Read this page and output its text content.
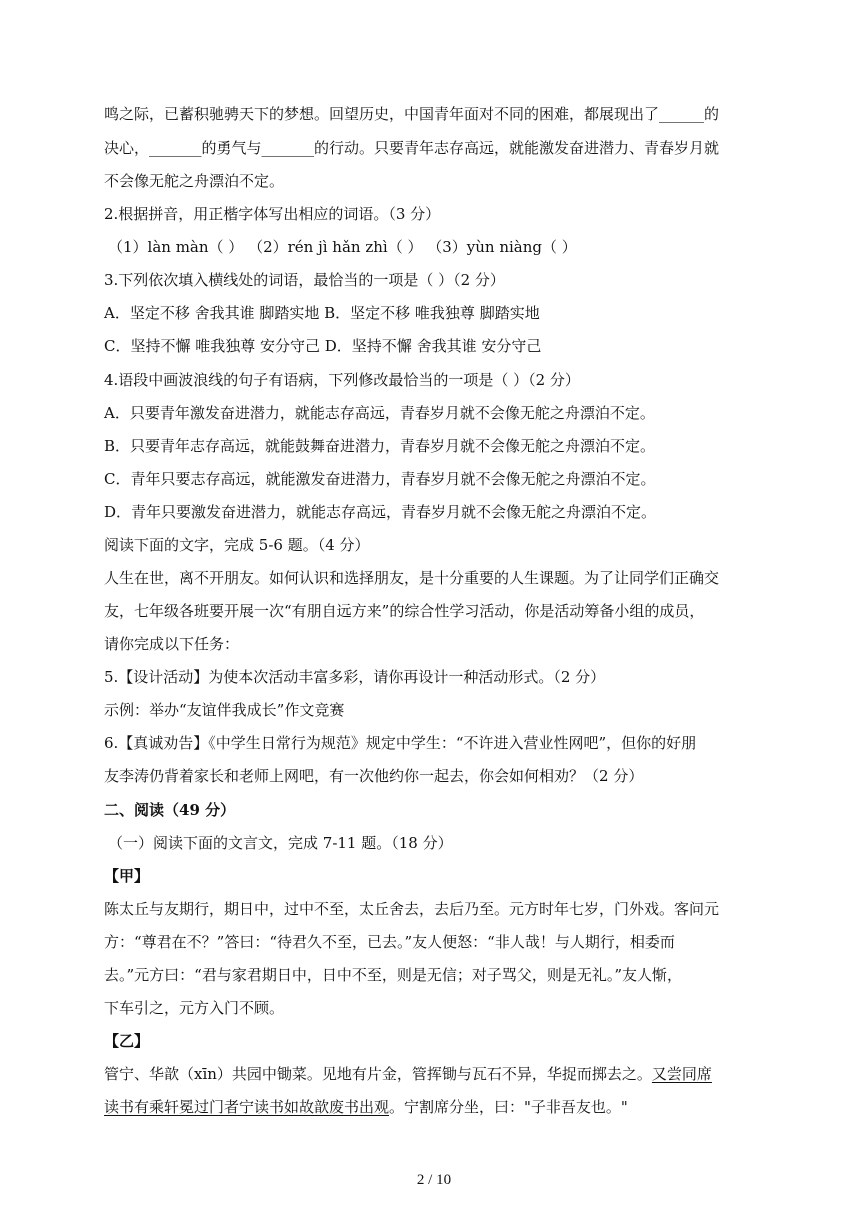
鸣之际，已蓄积驰骋天下的梦想。回望历史，中国青年面对不同的困难，都展现出了______的
决心，_______的勇气与_______的行动。只要青年志存高远，就能激发奋进潜力、青春岁月就
不会像无舵之舟漂泊不定。
2.根据拼音，用正楷字体写出相应的词语。（3 分）
（1）làn màn（ ） （2）rén jì hǎn zhì（ ） （3）yùn niàng（ ）
3.下列依次填入横线处的词语，最恰当的一项是（ ）（2 分）
A．坚定不移 舍我其谁 脚踏实地 B．坚定不移 唯我独尊 脚踏实地
C．坚持不懈 唯我独尊 安分守己 D．坚持不懈 舍我其谁 安分守己
4.语段中画波浪线的句子有语病，下列修改最恰当的一项是（ ）（2 分）
A．只要青年激发奋进潜力，就能志存高远，青春岁月就不会像无舵之舟漂泊不定。
B．只要青年志存高远，就能鼓舞奋进潜力，青春岁月就不会像无舵之舟漂泊不定。
C．青年只要志存高远，就能激发奋进潜力，青春岁月就不会像无舵之舟漂泊不定。
D．青年只要激发奋进潜力，就能志存高远，青春岁月就不会像无舵之舟漂泊不定。
阅读下面的文字，完成 5-6 题。（4 分）
人生在世，离不开朋友。如何认识和选择朋友，是十分重要的人生课题。为了让同学们正确交
友，七年级各班要开展一次“有朋自远方来”的综合性学习活动，你是活动筹备小组的成员，
请你完成以下任务：
5.【设计活动】为使本次活动丰富多彩，请你再设计一种活动形式。（2 分）
示例：举办“友谊伴我成长”作文竞赛
6.【真诚劝告】《中学生日常行为规范》规定中学生：“不许进入营业性网吧”，但你的好朋
友李涛仍背着家长和老师上网吧，有一次他约你一起去，你会如何相劝？（2 分）
二、阅读（49 分）
（一）阅读下面的文言文，完成 7-11 题。（18 分）
【甲】
陈太丘与友期行，期日中，过中不至，太丘舍去，去后乃至。元方时年七岁，门外戏。客问元
方：“尊君在不？”答曰：“待君久不至，已去。”友人便怒：“非人哉！与人期行，相委而
去。”元方曰：“君与家君期日中，日中不至，则是无信；对子骂父，则是无礼。”友人惭，
下车引之，元方入门不顾。
【乙】
管宁、华歆（xīn）共园中锄菜。见地有片金，管挥锄与瓦石不异，华捉而掷去之。又尝同席
读书有乘轩冕过门者宁读书如故歆废书出观。宁割席分坐，曰："子非吾友也。"
2 / 10
